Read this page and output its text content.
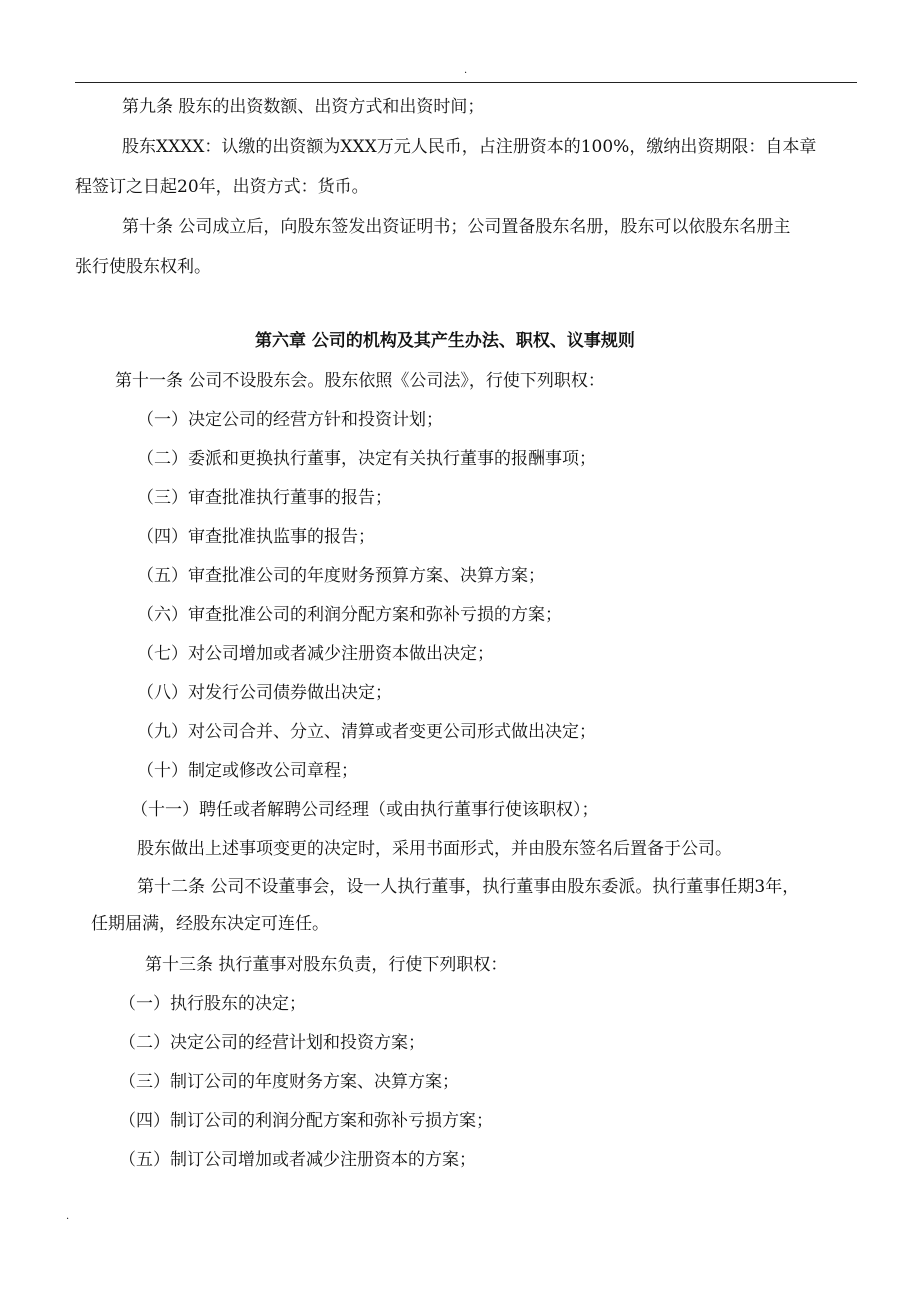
.

第九条 股东的出资数额、出资方式和出资时间；

股东XXXX：认缴的出资额为XXX万元人民币，占注册资本的100%，缴纳出资期限：自本章

程签订之日起20年，出资方式：货币。

第十条 公司成立后，向股东签发出资证明书；公司置备股东名册，股东可以依股东名册主

张行使股东权利。

第六章 公司的机构及其产生办法、职权、议事规则

第十一条 公司不设股东会。股东依照《公司法》，行使下列职权：

（一）决定公司的经营方针和投资计划；

（二）委派和更换执行董事，决定有关执行董事的报酬事项；

（三）审查批准执行董事的报告；

（四）审查批准执监事的报告；

（五）审查批准公司的年度财务预算方案、决算方案；

（六）审查批准公司的利润分配方案和弥补亏损的方案；

（七）对公司增加或者减少注册资本做出决定；

（八）对发行公司债券做出决定；

（九）对公司合并、分立、清算或者变更公司形式做出决定；

（十）制定或修改公司章程；

（十一）聘任或者解聘公司经理（或由执行董事行使该职权）；

股东做出上述事项变更的决定时，采用书面形式，并由股东签名后置备于公司。

第十二条 公司不设董事会，设一人执行董事，执行董事由股东委派。执行董事任期3年，

任期届满，经股东决定可连任。

第十三条 执行董事对股东负责，行使下列职权：

（一）执行股东的决定；

（二）决定公司的经营计划和投资方案；

（三）制订公司的年度财务方案、决算方案；

（四）制订公司的利润分配方案和弥补亏损方案；

（五）制订公司增加或者减少注册资本的方案；

.
